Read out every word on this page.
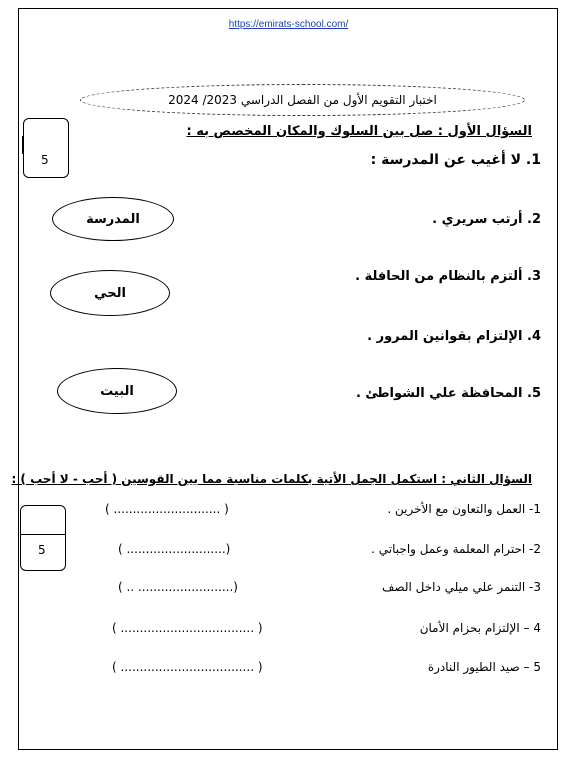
https://emirats-school.com/
اختبار التقويم الأول من الفصل الدراسي 2023/ 2024
5
السؤال الأول : صل بين السلوك والمكان المخصص به :
1. لا أغيب عن المدرسة :
2. أرتب سريري .
3. ألتزم بالنظام من الحافلة .
4. الإلتزام بقوانين المرور .
5. المحافظة علي الشواطئ .
المدرسة
الحي
البيت
السؤال الثاني : استكمل الجمل الأتية بكلمات مناسبة مما بين القوسين ( أحب - لا أحب ) :
5
1- العمل والتعاون مع الأخرين .
2- احترام المعلمة وعمل واجباتي .
3- التنمر علي ميلي داخل الصف
4 – الإلتزام بحزام الأمان
5 – صيد الطيور النادرة
( ............................ )
( ..........................)
( .. .........................)
( ................................... )
( ................................... )
